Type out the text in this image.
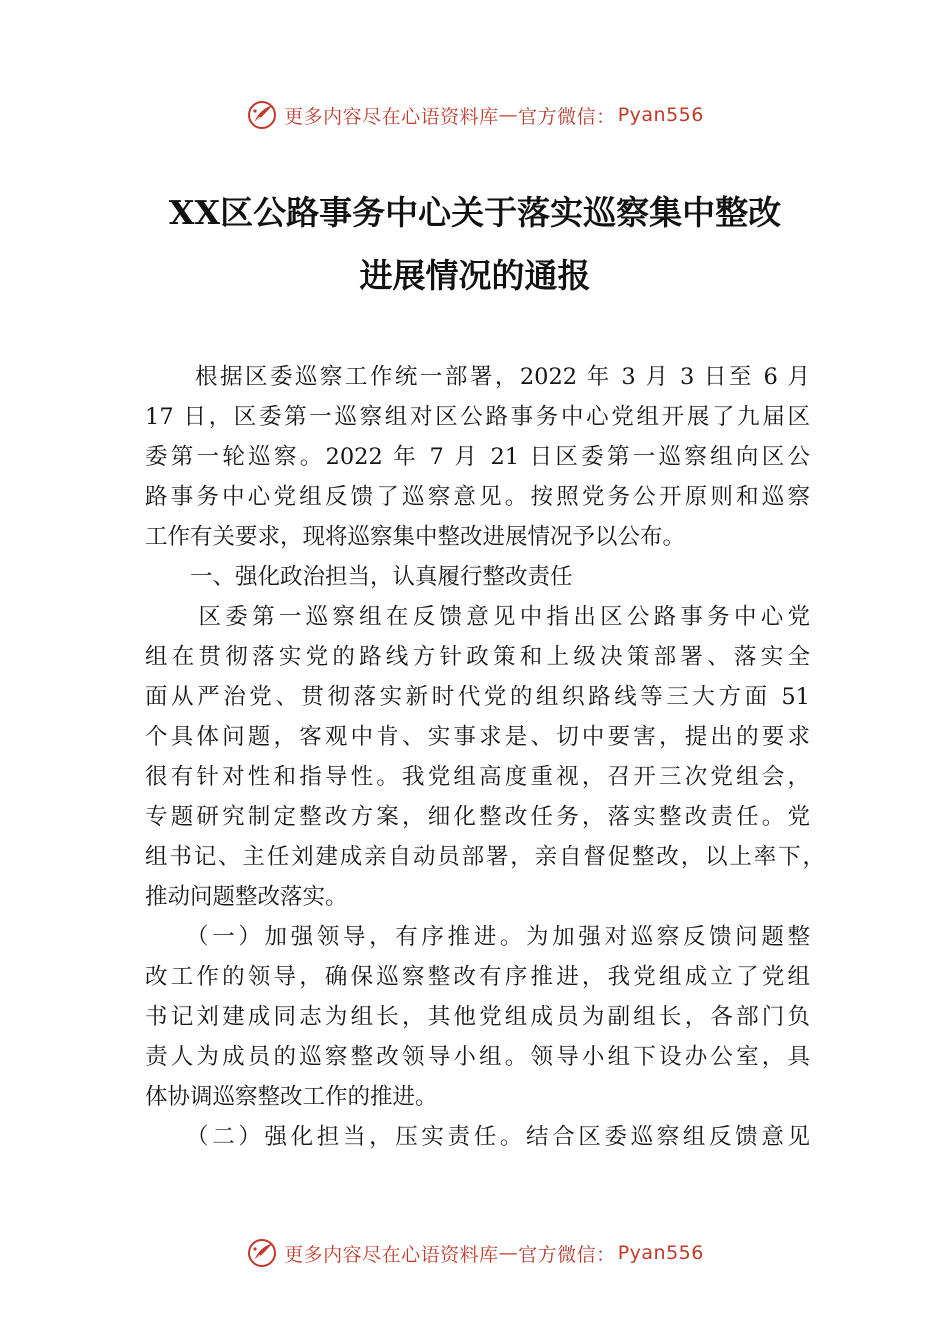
更多内容尽在心语资料库 — 官方微信： Pyan556
XX区公路事务中心关于落实巡察集中整改
进展情况的通报
　　根据区委巡察工作统一部署，2022 年 3 月 3 日至 6 月
17 日，区委第一巡察组对区公路事务中心党组开展了九届区
委第一轮巡察。2022 年 7 月 21 日区委第一巡察组向区公
路事务中心党组反馈了巡察意见。按照党务公开原则和巡察
工作有关要求，现将巡察集中整改进展情况予以公布。
　　一、强化政治担当，认真履行整改责任
　　区委第一巡察组在反馈意见中指出区公路事务中心党
组在贯彻落实党的路线方针政策和上级决策部署、落实全
面从严治党、贯彻落实新时代党的组织路线等三大方面 51
个具体问题，客观中肯、实事求是、切中要害，提出的要求
很有针对性和指导性。我党组高度重视，召开三次党组会，
专题研究制定整改方案，细化整改任务，落实整改责任。党
组书记、主任刘建成亲自动员部署，亲自督促整改，以上率下，
推动问题整改落实。
　　（一）加强领导，有序推进。为加强对巡察反馈问题整
改工作的领导，确保巡察整改有序推进，我党组成立了党组
书记刘建成同志为组长，其他党组成员为副组长，各部门负
责人为成员的巡察整改领导小组。领导小组下设办公室，具
体协调巡察整改工作的推进。
　　（二）强化担当，压实责任。结合区委巡察组反馈意见
更多内容尽在心语资料库 — 官方微信： Pyan556
